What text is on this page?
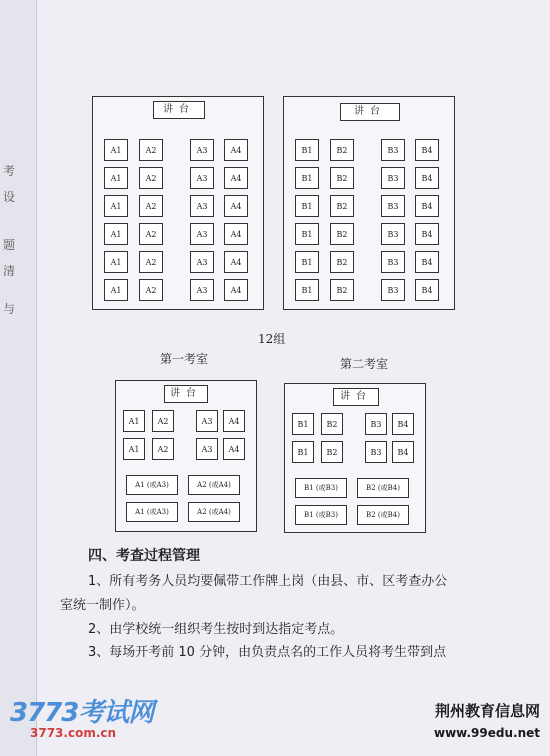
考
设
题
清
与
讲台
A1	A2	A3	A4
A1	A2	A3	A4
A1	A2	A3	A4
A1	A2	A3	A4
A1	A2	A3	A4
A1	A2	A3	A4
讲台
B1	B2	B3	B4
B1	B2	B3	B4
B1	B2	B3	B4
B1	B2	B3	B4
B1	B2	B3	B4
B1	B2	B3	B4
12组
第一考室	第二考室
讲台
A1	A2	A3	A4
A1	A2	A3	A4
A1 (或A3)	A2 (或A4)
A1 (或A3)	A2 (或A4)
讲台
B1	B2	B3	B4
B1	B2	B3	B4
B1 (或B3)	B2 (或B4)
B1 (或B3)	B2 (或B4)
四、考查过程管理
1、所有考务人员均要佩带工作牌上岗（由县、市、区考查办公
室统一制作）。
2、由学校统一组织考生按时到达指定考点。
3、每场开考前 10 分钟，由负责点名的工作人员将考生带到点
3773考试网
3773.com.cn
荆州教育信息网
www.99edu.net
